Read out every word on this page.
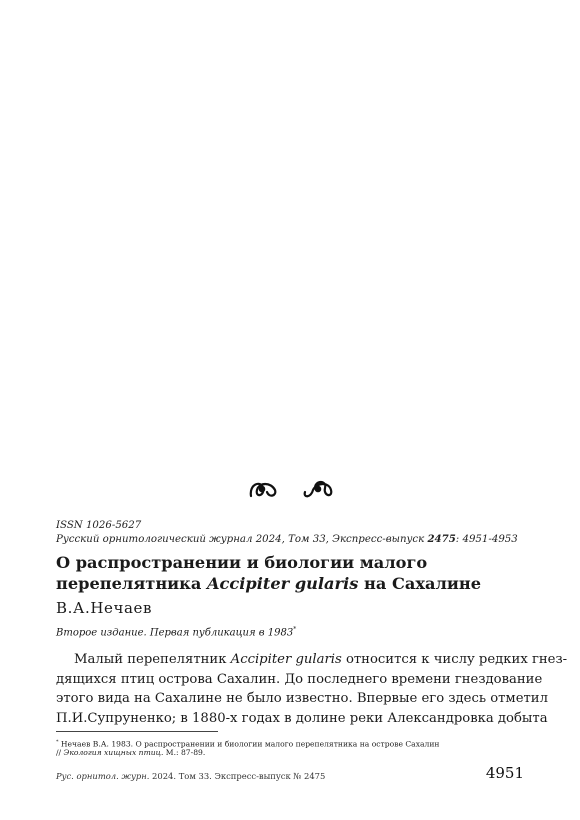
ISSN 1026-5627
Русский орнитологический журнал 2024, Том 33, Экспресс-выпуск 2475: 4951-4953
О распространении и биологии малого
перепелятника Accipiter gularis на Сахалине
В.А.Нечаев
Второе издание. Первая публикация в 1983*
Малый перепелятник Accipiter gularis относится к числу редких гнез-
дящихся птиц острова Сахалин. До последнего времени гнездование
этого вида на Сахалине не было известно. Впервые его здесь отметил
П.И.Супруненко; в 1880-х годах в долине реки Александровка добыта
* Нечаев В.А. 1983. О распространении и биологии малого перепелятника на острове Сахалин
// Экология хищных птиц. М.: 87-89.
Рус. орнитол. журн. 2024. Том 33. Экспресс-выпуск № 2475	4951
